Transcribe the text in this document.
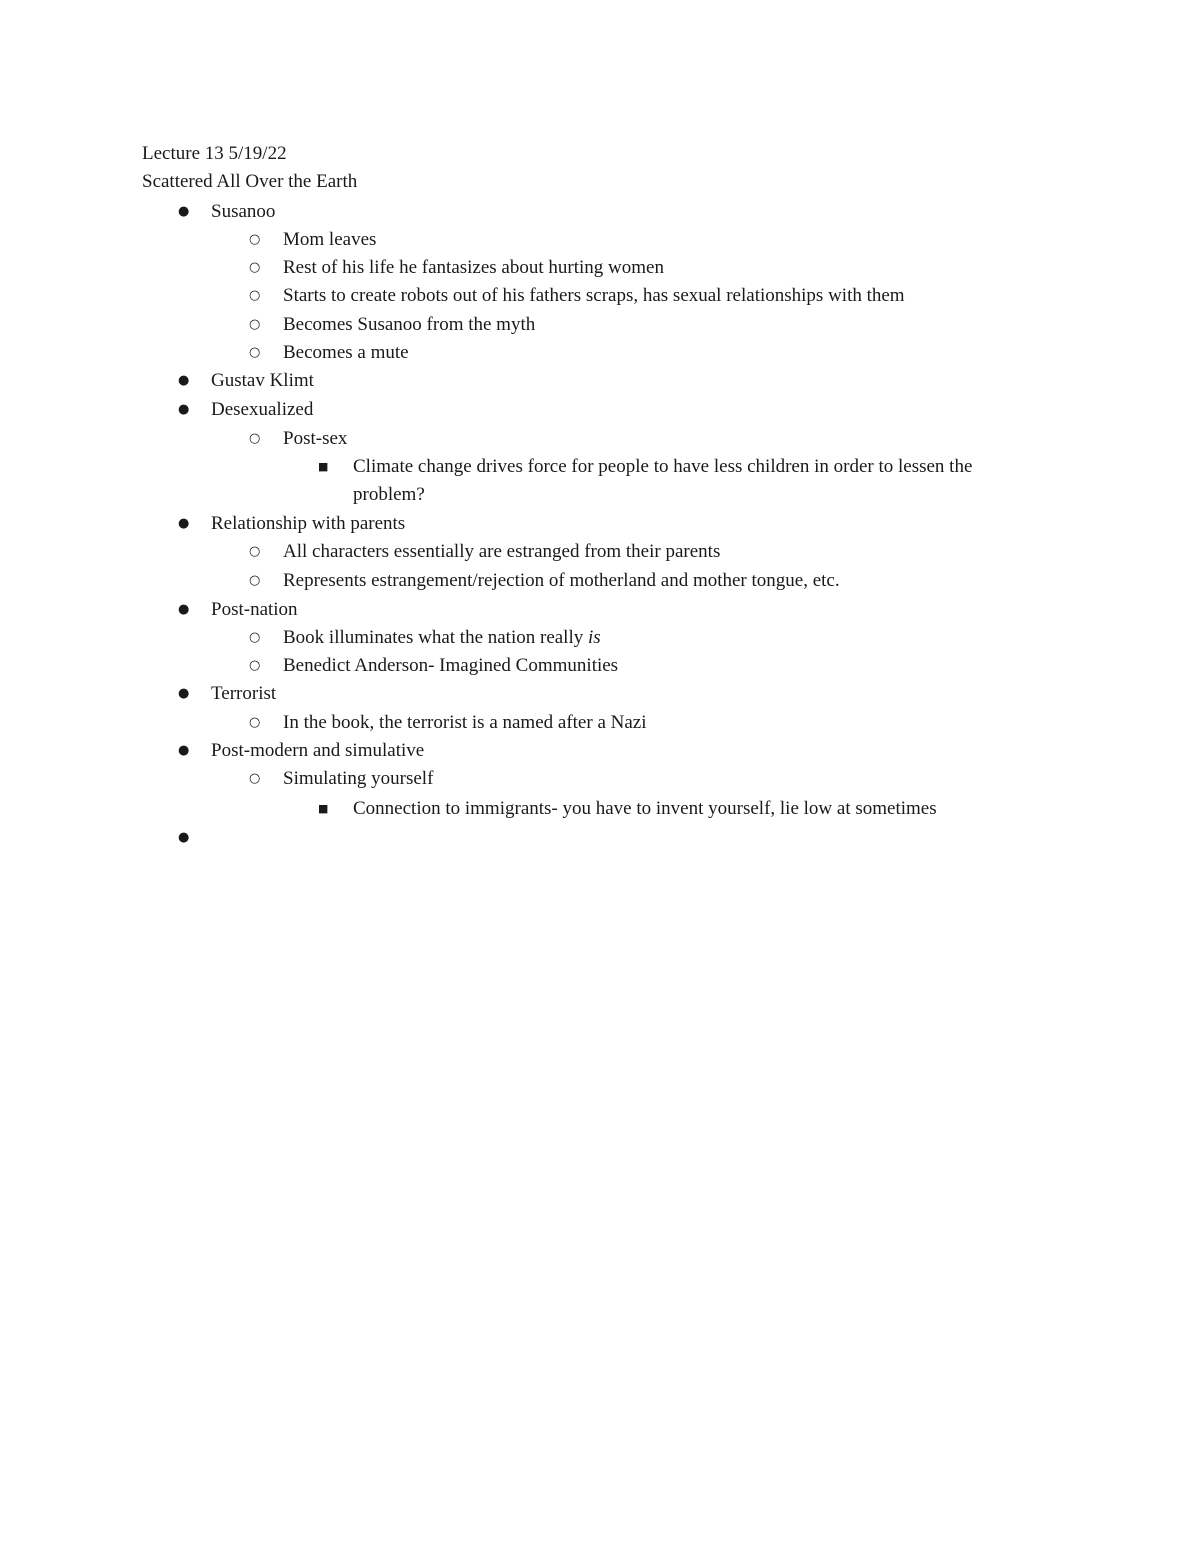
Lecture 13 5/19/22
Scattered All Over the Earth
● Susanoo
○ Mom leaves
○ Rest of his life he fantasizes about hurting women
○ Starts to create robots out of his fathers scraps, has sexual relationships with them
○ Becomes Susanoo from the myth
○ Becomes a mute
● Gustav Klimt
● Desexualized
○ Post-sex
■ Climate change drives force for people to have less children in order to lessen the
problem?
● Relationship with parents
○ All characters essentially are estranged from their parents
○ Represents estrangement/rejection of motherland and mother tongue, etc.
● Post-nation
○ Book illuminates what the nation really is
○ Benedict Anderson- Imagined Communities
● Terrorist
○ In the book, the terrorist is a named after a Nazi
● Post-modern and simulative
○ Simulating yourself
■ Connection to immigrants- you have to invent yourself, lie low at sometimes
●
